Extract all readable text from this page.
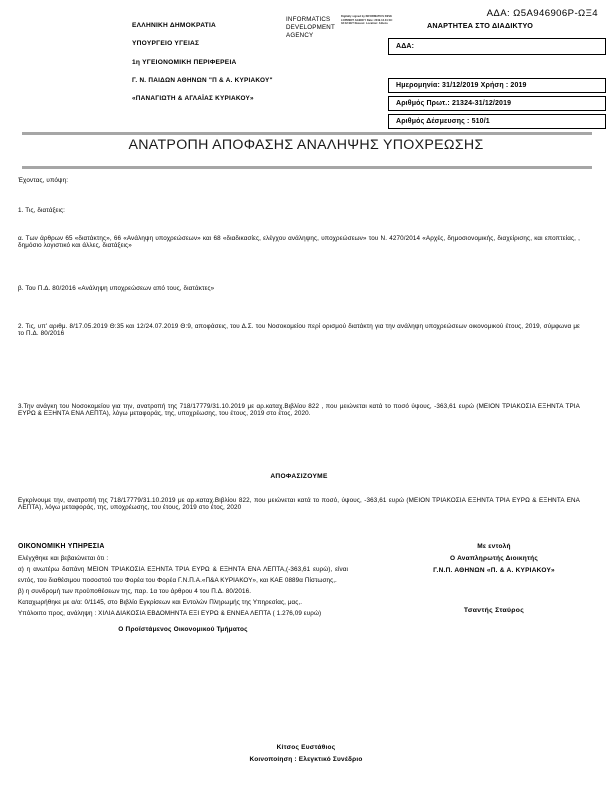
ΕΛΛΗΝΙΚΗ ΔΗΜΟΚΡΑΤΙΑ
ΥΠΟΥΡΓΕΙΟ ΥΓΕΙΑΣ
1η ΥΓΕΙΟΝΟΜΙΚΗ ΠΕΡΙΦΕΡΕΙΑ
Γ. Ν. ΠΑΙΔΩΝ ΑΘΗΝΩΝ "Π & Α. ΚΥΡΙΑΚΟΥ"
«ΠΑΝΑΓΙΩΤΗ & ΑΓΛΑΪΑΣ ΚΥΡΙΑΚΟΥ»
INFORMATICS DEVELOPMENT AGENCY
Digitally signed by INFORMATICS DEVELOPMENT AGENCY Date: 2019.12.31 09:33:42 EET Reason: Location: Athens
ΑΔΑ: Ω5Α946906Ρ-ΩΞ4
ΑΝΑΡΤΗΤΕΑ ΣΤΟ ΔΙΑΔΙΚΤΥΟ
ΑΔΑ:
Ημερομηνία: 31/12/2019 Χρήση : 2019
Αριθμός Πρωτ.: 21324-31/12/2019
Αριθμός Δέσμευσης : 510/1
ΑΝΑΤΡΟΠΗ ΑΠΟΦΑΣΗΣ ΑΝΑΛΗΨΗΣ ΥΠΟΧΡΕΩΣΗΣ
Έχοντας, υπόψη:
1. Τις, διατάξεις:
α. Των άρθρων 65 «διατάκτης», 66 «Ανάληψη υποχρεώσεων» και 68 «διαδικασίες, ελέγχου ανάληψης, υποχρεώσεων» του Ν. 4270/2014 «Αρχές, δημοσιονομικής, διαχείρισης, και εποπτείας, , δημόσιο λογιστικό και άλλες, διατάξεις»
β. Του Π.Δ. 80/2016 «Ανάληψη υποχρεώσεων από τους, διατάκτες»
2. Τις, υπ' αριθμ. 8/17.05.2019 Θ:35 και 12/24.07.2019 Θ:9, αποφάσεις, του Δ.Σ. του Νοσοκομείου περί ορισμού διατάκτη για την ανάληψη υποχρεώσεων οικονομικού έτους, 2019, σύμφωνα με το Π.Δ. 80/2016
3.Την ανάγκη του Νοσοκομείου για την, ανατροπή της 718/17779/31.10.2019 με αρ.καταχ.Βιβλίου 822 , που μειώνεται κατά το ποσό ύψους, -363,61 ευρώ (ΜΕΙΟΝ ΤΡΙΑΚΟΣΙΑ ΕΞΗΝΤΑ ΤΡΙΑ ΕΥΡΩ & ΕΞΗΝΤΑ ΕΝΑ ΛΕΠΤΑ), λόγω μεταφοράς, της, υποχρέωσης, του έτους, 2019 στο έτος, 2020.
ΑΠΟΦΑΣΙΖΟΥΜΕ
Εγκρίνουμε την, ανατροπή της 718/17779/31.10.2019 με αρ.καταχ.Βιβλίου 822, που μειώνεται κατά το ποσό, ύψους, -363,61 ευρώ (ΜΕΙΟΝ ΤΡΙΑΚΟΣΙΑ ΕΞΗΝΤΑ ΤΡΙΑ ΕΥΡΩ & ΕΞΗΝΤΑ ΕΝΑ ΛΕΠΤΑ), λόγω μεταφοράς, της, υποχρέωσης, του έτους, 2019 στο έτος, 2020
ΟΙΚΟΝΟΜΙΚΗ ΥΠΗΡΕΣΙΑ
Ελέγχθηκε και βεβαιώνεται ότι :
α) η ανωτέρω δαπάνη ΜΕΙΟΝ ΤΡΙΑΚΟΣΙΑ ΕΞΗΝΤΑ ΤΡΙΑ ΕΥΡΩ & ΕΞΗΝΤΑ ΕΝΑ ΛΕΠΤΑ,(-363,61 ευρώ), είναι εντός, του διαθέσιμου ποσοστού του Φορέα του Φορέα Γ.Ν.Π.Α.«Π&Α ΚΥΡΙΑΚΟΥ», και ΚΑΕ 0889α Πίστωσης,.
β) η συνδρομή των προϋποθέσεων της, παρ. 1α του άρθρου 4 του Π.Δ. 80/2016.
Καταχωρήθηκε με α/α: 0/1145, στο Βιβλίο Εγκρίσεων και Εντολών Πληρωμής της Υπηρεσίας, μας,.
Υπόλοιπο προς, ανάληψη : ΧΙΛΙΑ ΔΙΑΚΟΣΙΑ ΕΒΔΟΜΗΝΤΑ ΕΞΙ ΕΥΡΩ & ΕΝΝΕΑ ΛΕΠΤΑ ( 1.276,09 ευρώ)
Ο Προϊστάμενος Οικονομικού Τμήματος
Με εντολή
Ο Αναπληρωτής Διοικητής
Γ.Ν.Π. ΑΘΗΝΩΝ «Π. & Α. ΚΥΡΙΑΚΟΥ»
Τσαντής Σταύρος
Κίτσος Ευστάθιος
Κοινοποίηση : Ελεγκτικό Συνέδριο
